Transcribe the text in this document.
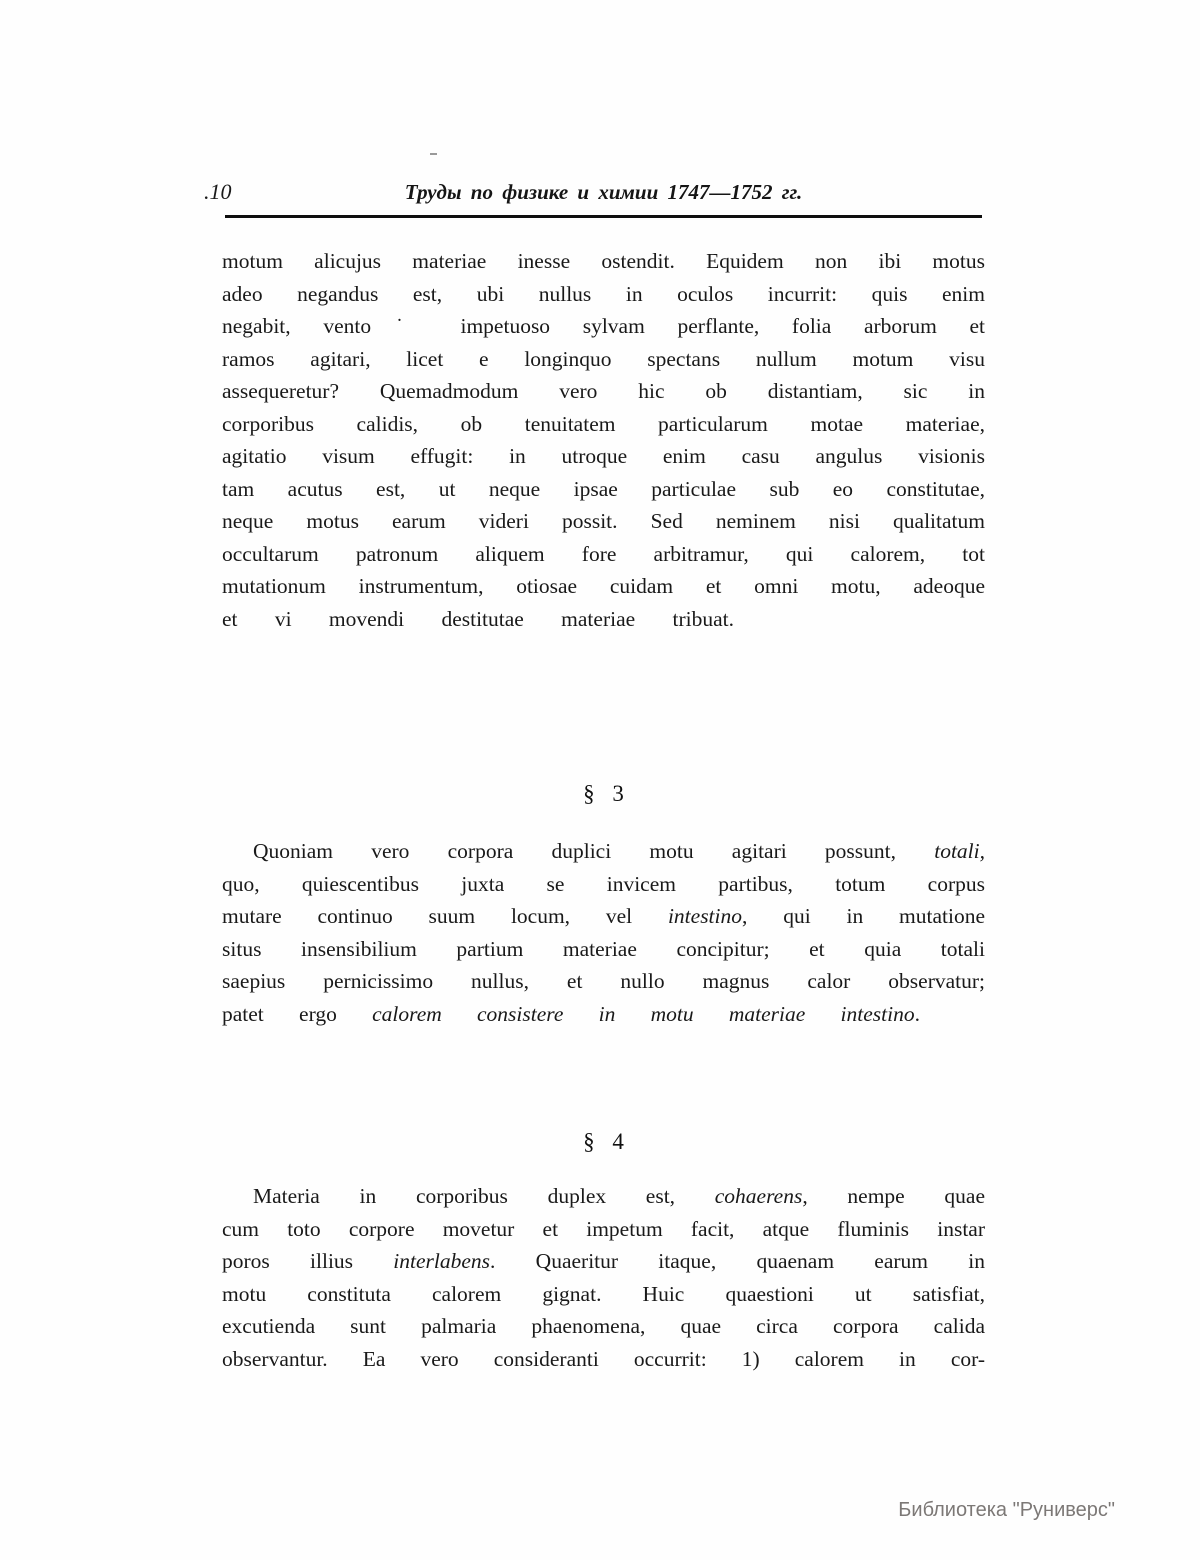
.10	Труды по физике и химии 1747—1752 гг.
motum alicujus materiae inesse ostendit. Equidem non ibi motus
adeo negandus est, ubi nullus in oculos incurrit: quis enim
negabit, vento˙ impetuoso sylvam perflante, folia arborum et
ramos agitari, licet e longinquo spectans nullum motum visu
assequeretur? Quemadmodum vero hic ob distantiam, sic in
corporibus calidis, ob tenuitatem particularum motae materiae,
agitatio visum effugit: in utroque enim casu angulus visionis
tam acutus est, ut neque ipsae particulae sub eo constitutae,
neque motus earum videri possit. Sed neminem nisi qualitatum
occultarum patronum aliquem fore arbitramur, qui calorem, tot
mutationum instrumentum, otiosae cuidam et omni motu, adeoque
et vi movendi destitutae materiae tribuat.
§ 3
Quoniam vero corpora duplici motu agitari possunt, totali,
quo, quiescentibus juxta se invicem partibus, totum corpus
mutare continuo suum locum, vel intestino, qui in mutatione
situs insensibilium partium materiae concipitur; et quia totali
saepius pernicissimo nullus, et nullo magnus calor observatur;
patet ergo calorem consistere in motu materiae intestino.
§ 4
Materia in corporibus duplex est, cohaerens, nempe quae
cum toto corpore movetur et impetum facit, atque fluminis instar
poros illius interlabens. Quaeritur itaque, quaenam earum in
motu constituta calorem gignat. Huic quaestioni ut satisfiat,
excutienda sunt palmaria phaenomena, quae circa corpora calida
observantur. Ea vero consideranti occurrit: 1) calorem in cor-
Библиотека "Руниверс"
